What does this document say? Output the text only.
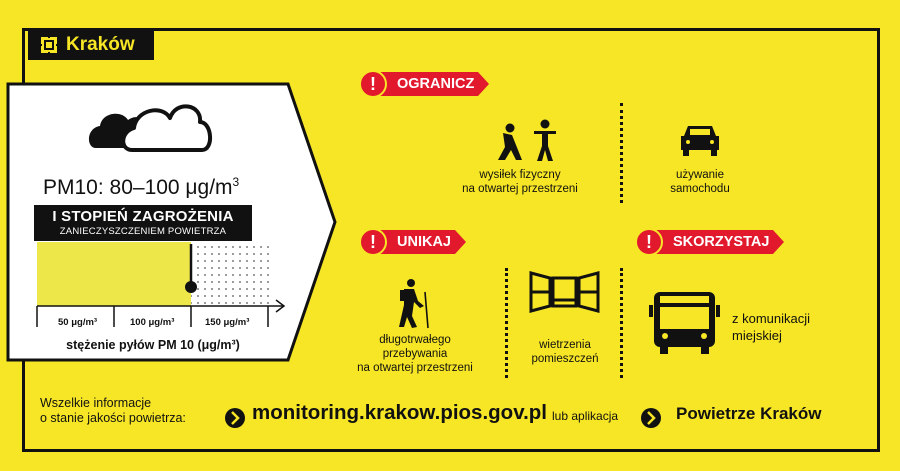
Kraków
PM10: 80–100 $\mu g/m^3$
I STOPIEŃ ZAGROŻENIA
ZANIECZYSZCZENIEM POWIETRZA
50 μg/m³	100 μg/m³	150 μg/m³
stężenie pyłów PM 10 (μg/m³)
!	OGRANICZ
!	UNIKAJ	!	SKORZYSTAJ
wysiłek fizyczny
na otwartej przestrzeni
używanie
samochodu
długotrwałego
przebywania
na otwartej przestrzeni
wietrzenia
pomieszczeń
z komunikacji
miejskiej
Wszelkie informacje
o stanie jakości powietrza:	monitoring.krakow.pios.gov.pl lub aplikacja	Powietrze Kraków
